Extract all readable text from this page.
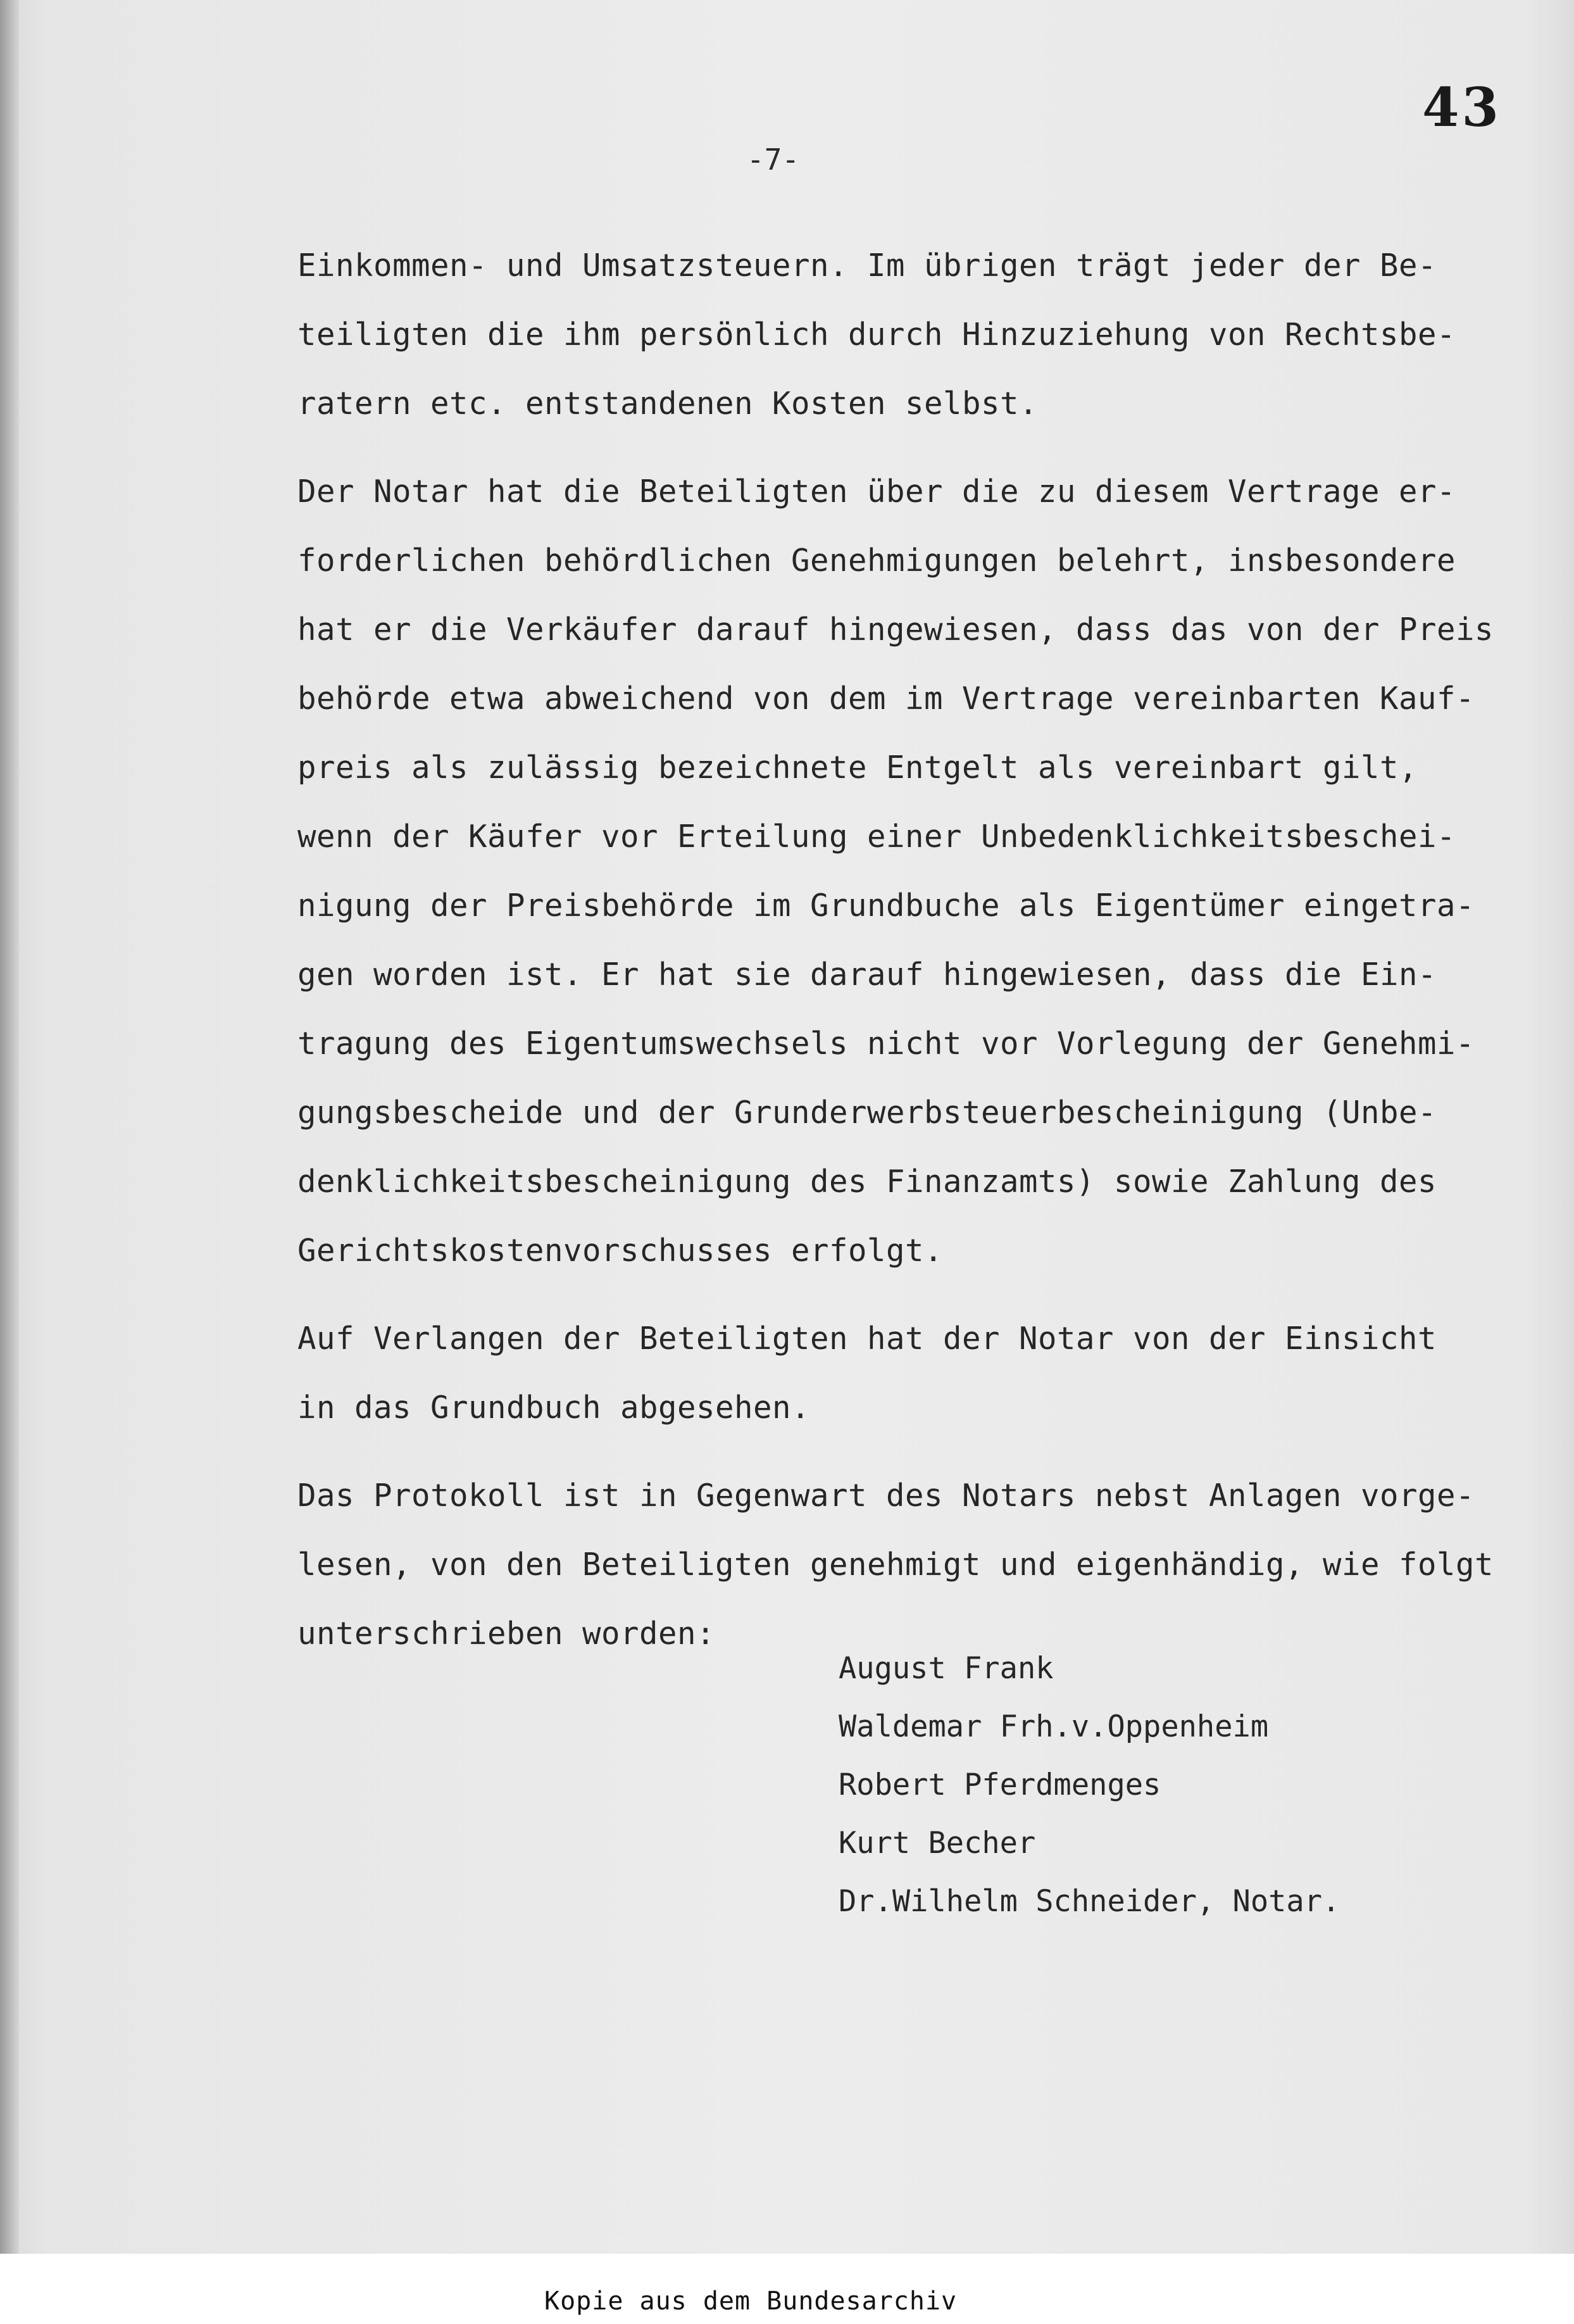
43
-7-
Einkommen- und Umsatzsteuern. Im übrigen trägt jeder der Be-
teiligten die ihm persönlich durch Hinzuziehung von Rechtsbe-
ratern etc. entstandenen Kosten selbst.
Der Notar hat die Beteiligten über die zu diesem Vertrage er-
forderlichen behördlichen Genehmigungen belehrt, insbesondere
hat er die Verkäufer darauf hingewiesen, dass das von der Preis
behörde etwa abweichend von dem im Vertrage vereinbarten Kauf-
preis als zulässig bezeichnete Entgelt als vereinbart gilt,
wenn der Käufer vor Erteilung einer Unbedenklichkeitsbeschei-
nigung der Preisbehörde im Grundbuche als Eigentümer eingetra-
gen worden ist. Er hat sie darauf hingewiesen, dass die Ein-
tragung des Eigentumswechsels nicht vor Vorlegung der Genehmi-
gungsbescheide und der Grunderwerbsteuerbescheinigung (Unbe-
denklichkeitsbescheinigung des Finanzamts) sowie Zahlung des
Gerichtskostenvorschusses erfolgt.
Auf Verlangen der Beteiligten hat der Notar von der Einsicht
in das Grundbuch abgesehen.
Das Protokoll ist in Gegenwart des Notars nebst Anlagen vorge-
lesen, von den Beteiligten genehmigt und eigenhändig, wie folgt
unterschrieben worden:
August Frank
Waldemar Frh.v.Oppenheim
Robert Pferdmenges
Kurt Becher
Dr.Wilhelm Schneider, Notar.
Kopie aus dem Bundesarchiv
